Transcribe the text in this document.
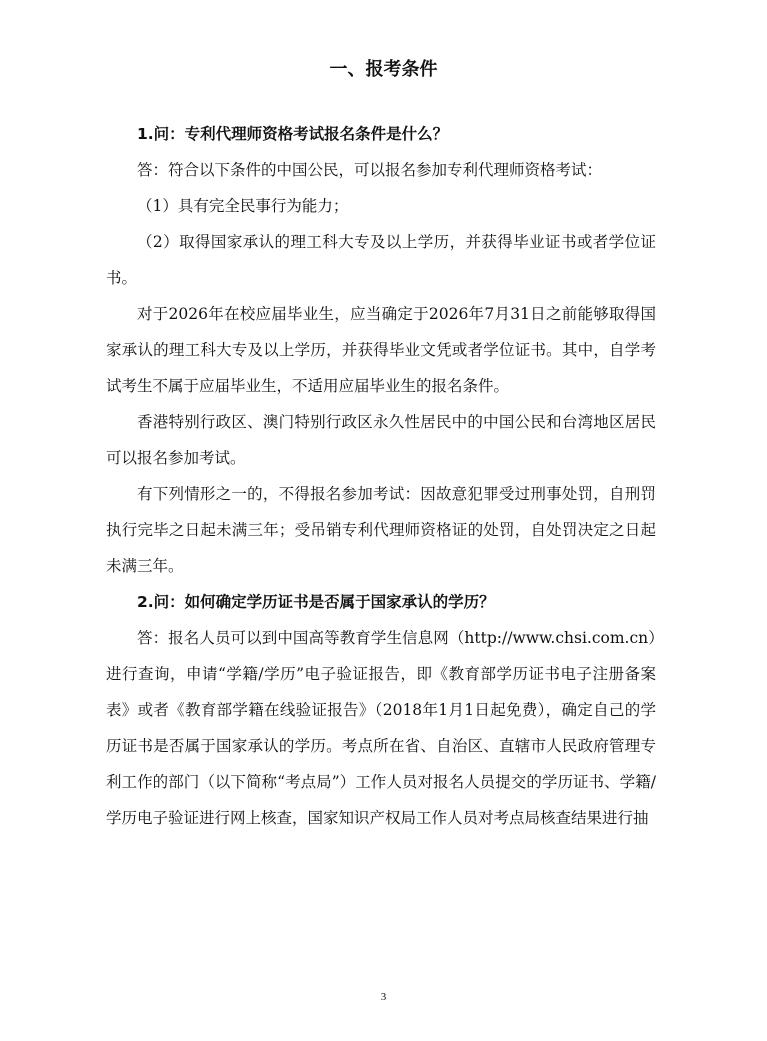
一、报考条件

1.问：专利代理师资格考试报名条件是什么？

答：符合以下条件的中国公民，可以报名参加专利代理师资格考试：

（1）具有完全民事行为能力；

（2）取得国家承认的理工科大专及以上学历，并获得毕业证书或者学位证书。

对于2026年在校应届毕业生，应当确定于2026年7月31日之前能够取得国家承认的理工科大专及以上学历，并获得毕业文凭或者学位证书。其中，自学考试考生不属于应届毕业生，不适用应届毕业生的报名条件。

香港特别行政区、澳门特别行政区永久性居民中的中国公民和台湾地区居民可以报名参加考试。

有下列情形之一的，不得报名参加考试：因故意犯罪受过刑事处罚，自刑罚执行完毕之日起未满三年；受吊销专利代理师资格证的处罚，自处罚决定之日起未满三年。

2.问：如何确定学历证书是否属于国家承认的学历？

答：报名人员可以到中国高等教育学生信息网（http://www.chsi.com.cn）进行查询，申请“学籍/学历”电子验证报告，即《教育部学历证书电子注册备案表》或者《教育部学籍在线验证报告》（2018年1月1日起免费），确定自己的学历证书是否属于国家承认的学历。考点所在省、自治区、直辖市人民政府管理专利工作的部门（以下简称“考点局”）工作人员对报名人员提交的学历证书、学籍/学历电子验证进行网上核查，国家知识产权局工作人员对考点局核查结果进行抽

3
